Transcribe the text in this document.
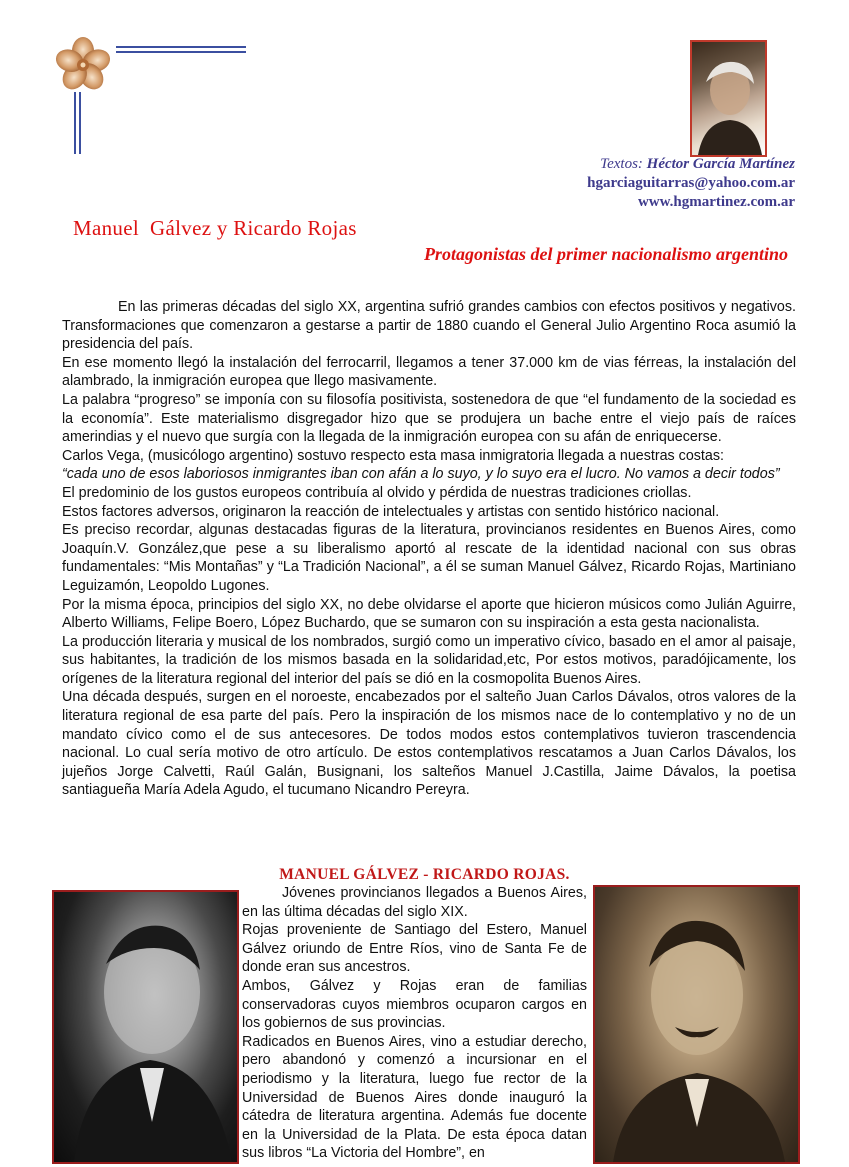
Textos: Héctor García Martínez
hgarciaguitarras@yahoo.com.ar
www.hgmartinez.com.ar
Manuel  Gálvez y Ricardo Rojas
Protagonistas del primer nacionalismo argentino

En las primeras décadas del siglo XX, argentina sufrió grandes cambios con efectos positivos y negativos. Transformaciones que comenzaron a gestarse a partir de 1880 cuando el General Julio Argentino Roca asumió la presidencia del país.

En ese momento llegó la instalación del ferrocarril, llegamos a tener 37.000 km de vias férreas, la instalación del alambrado, la inmigración europea que llego masivamente.

La palabra “progreso” se imponía con su filosofía positivista, sostenedora de que “el fundamento de la sociedad es la economía”. Este materialismo disgregador hizo que se produjera un bache entre el viejo país de raíces amerindias y el nuevo que surgía con la llegada de la inmigración europea con su afán de enriquecerse.

Carlos Vega, (musicólogo argentino) sostuvo respecto esta masa inmigratoria llegada a nuestras costas:

“cada uno de esos laboriosos inmigrantes iban con afán a lo suyo, y lo suyo era el lucro. No vamos a decir todos”

El predominio de los gustos europeos contribuía al olvido y pérdida de nuestras tradiciones criollas.

Estos factores adversos, originaron la reacción de intelectuales y artistas con sentido histórico nacional.

Es preciso recordar, algunas destacadas figuras de la literatura, provincianos residentes en Buenos Aires, como Joaquín.V. González,que pese a su liberalismo aportó al rescate de la identidad nacional con sus obras fundamentales: “Mis Montañas” y “La Tradición Nacional”, a él se suman Manuel Gálvez, Ricardo Rojas, Martiniano Leguizamón, Leopoldo Lugones.

Por la misma época, principios del siglo XX, no debe olvidarse el aporte que hicieron músicos como Julián Aguirre, Alberto Williams, Felipe Boero, López Buchardo, que se sumaron con su inspiración a esta gesta nacionalista.

La producción literaria y musical de los nombrados, surgió como un imperativo cívico, basado en el amor al paisaje, sus habitantes, la tradición de los mismos basada en la solidaridad,etc, Por estos motivos, paradójicamente, los orígenes de la literatura regional del interior del país se dió en la cosmopolita Buenos Aires.

Una década después, surgen en el noroeste, encabezados por el salteño Juan Carlos Dávalos, otros valores de la literatura regional de esa parte del país. Pero la inspiración de los mismos nace de lo contemplativo y no de un mandato cívico como el de sus antecesores. De todos modos estos contemplativos tuvieron trascendencia nacional. Lo cual sería motivo de otro artículo. De estos contemplativos rescatamos a Juan Carlos Dávalos, los jujeños Jorge Calvetti, Raúl Galán, Busignani, los salteños Manuel J.Castilla, Jaime Dávalos, la poetisa santiagueña María Adela Agudo, el tucumano Nicandro Pereyra.

MANUEL GÁLVEZ - RICARDO ROJAS.

Jóvenes provincianos llegados a Buenos Aires, en las última décadas del siglo XIX.

Rojas proveniente de Santiago del Estero, Manuel Gálvez oriundo de Entre Ríos, vino de Santa Fe de donde eran sus ancestros.

Ambos, Gálvez y Rojas eran de familias conservadoras cuyos miembros ocuparon cargos en los gobiernos de sus provincias.

Radicados en Buenos Aires, vino a estudiar derecho, pero abandonó y comenzó a incursionar en el periodismo y la literatura, luego fue rector de la Universidad de Buenos Aires donde inauguró la cátedra de literatura argentina. Además fue docente en la Universidad de la Plata. De esta época datan sus libros “La Victoria del Hombre”, en
